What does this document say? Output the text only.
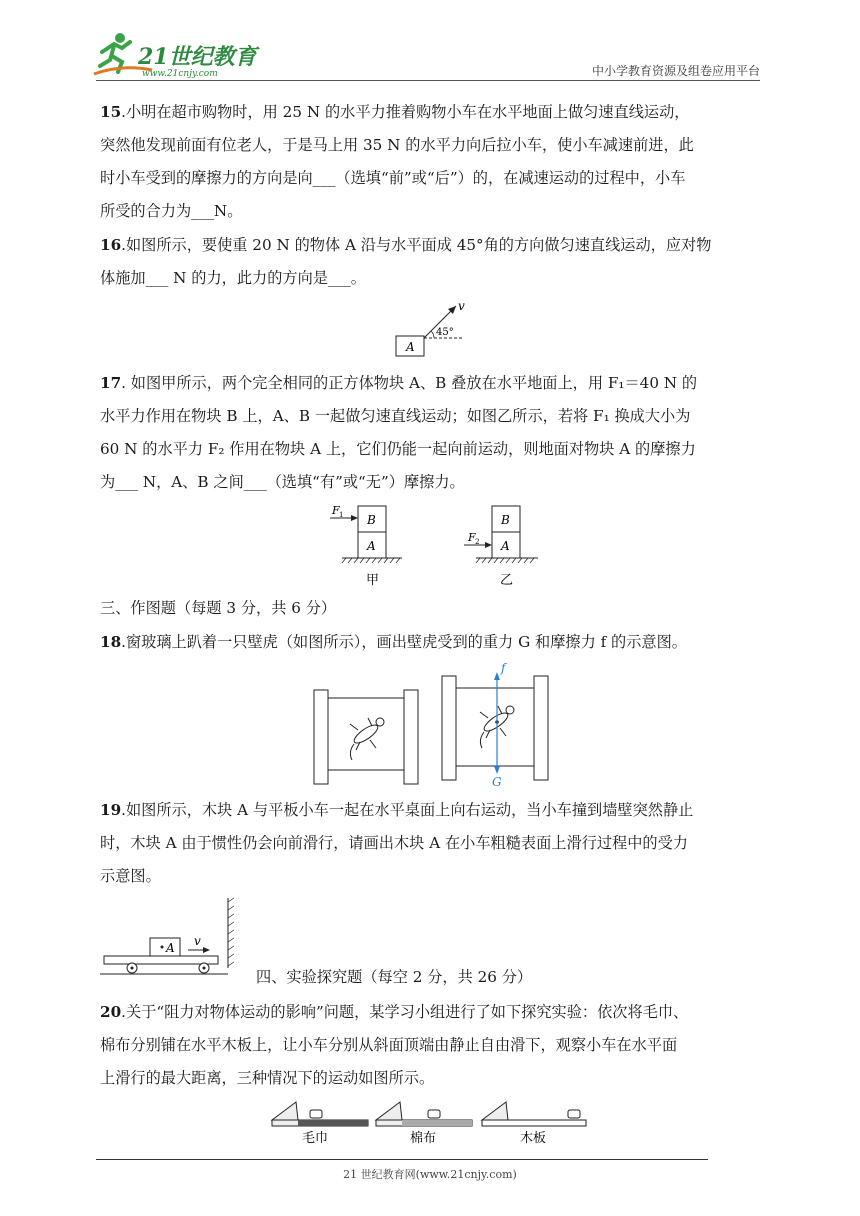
21世纪教育
www.21cnjy.com	中小学教育资源及组卷应用平台
15.小明在超市购物时，用 25 N 的水平力推着购物小车在水平地面上做匀速直线运动，
突然他发现前面有位老人，于是马上用 35 N 的水平力向后拉小车，使小车减速前进，此
时小车受到的摩擦力的方向是向___（选填“前”或“后”）的，在减速运动的过程中，小车
所受的合力为___N。
16.如图所示，要使重 20 N 的物体 A 沿与水平面成 45°角的方向做匀速直线运动，应对物
体施加___ N 的力，此力的方向是___。
A
v
45°
17. 如图甲所示，两个完全相同的正方体物块 A、B 叠放在水平地面上，用 F₁＝40 N 的
水平力作用在物块 B 上，A、B 一起做匀速直线运动；如图乙所示，若将 F₁ 换成大小为
60 N 的水平力 F₂ 作用在物块 A 上，它们仍能一起向前运动，则地面对物块 A 的摩擦力
为___ N，A、B 之间___（选填“有”或“无”）摩擦力。
B
A
F 1
甲
B
A
F 2
乙
三、作图题（每题 3 分，共 6 分）
18.窗玻璃上趴着一只壁虎（如图所示），画出壁虎受到的重力 G 和摩擦力 f 的示意图。
f
G
19.如图所示，木块 A 与平板小车一起在水平桌面上向右运动，当小车撞到墙壁突然静止
时，木块 A 由于惯性仍会向前滑行，请画出木块 A 在小车粗糙表面上滑行过程中的受力
示意图。
A v
四、实验探究题（每空 2 分，共 26 分）
20.关于“阻力对物体运动的影响”问题，某学习小组进行了如下探究实验：依次将毛巾、
棉布分别铺在水平木板上，让小车分别从斜面顶端由静止自由滑下，观察小车在水平面
上滑行的最大距离，三种情况下的运动如图所示。
毛巾	棉布	木板
21 世纪教育网(www.21cnjy.com)
